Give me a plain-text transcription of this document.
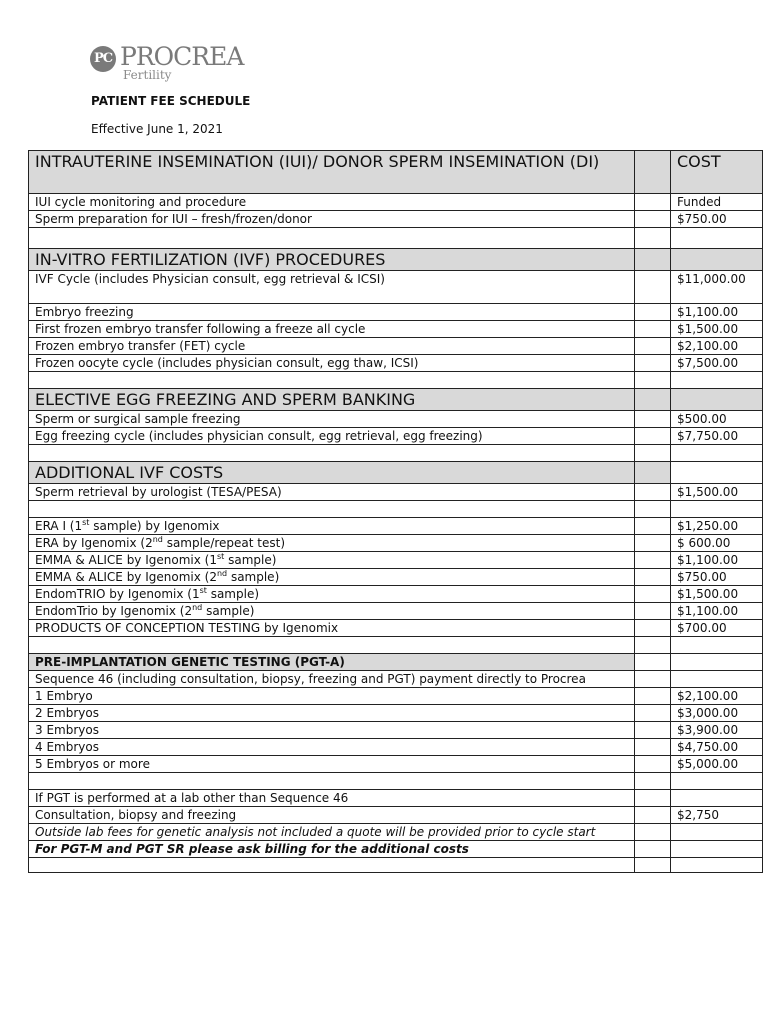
PC PROCREA
Fertility
PATIENT FEE SCHEDULE
Effective June 1, 2021
INTRAUTERINE INSEMINATION (IUI)/ DONOR SPERM INSEMINATION (DI)		COST
IUI cycle monitoring and procedure		Funded
Sperm preparation for IUI – fresh/frozen/donor		$750.00

IN-VITRO FERTILIZATION (IVF) PROCEDURES		
IVF Cycle (includes Physician consult, egg retrieval & ICSI)		$11,000.00
Embryo freezing		$1,100.00
First frozen embryo transfer following a freeze all cycle		$1,500.00
Frozen embryo transfer (FET) cycle		$2,100.00
Frozen oocyte cycle (includes physician consult, egg thaw, ICSI)		$7,500.00

ELECTIVE EGG FREEZING AND SPERM BANKING		
Sperm or surgical sample freezing		$500.00
Egg freezing cycle (includes physician consult, egg retrieval, egg freezing)		$7,750.00

ADDITIONAL IVF COSTS		
Sperm retrieval by urologist (TESA/PESA)		$1,500.00

ERA I (1st sample) by Igenomix		$1,250.00
ERA by Igenomix (2nd sample/repeat test)		$ 600.00
EMMA & ALICE by Igenomix (1st sample)		$1,100.00
EMMA & ALICE by Igenomix (2nd sample)		$750.00
EndomTRIO by Igenomix (1st sample)		$1,500.00
EndomTrio by Igenomix (2nd sample)		$1,100.00
PRODUCTS OF CONCEPTION TESTING by Igenomix		$700.00

PRE-IMPLANTATION GENETIC TESTING (PGT-A)		
Sequence 46 (including consultation, biopsy, freezing and PGT) payment directly to Procrea		
1 Embryo		$2,100.00
2 Embryos		$3,000.00
3 Embryos		$3,900.00
4 Embryos		$4,750.00
5 Embryos or more		$5,000.00

If PGT is performed at a lab other than Sequence 46		
Consultation, biopsy and freezing		$2,750
Outside lab fees for genetic analysis not included a quote will be provided prior to cycle start		
For PGT-M and PGT SR please ask billing for the additional costs		
